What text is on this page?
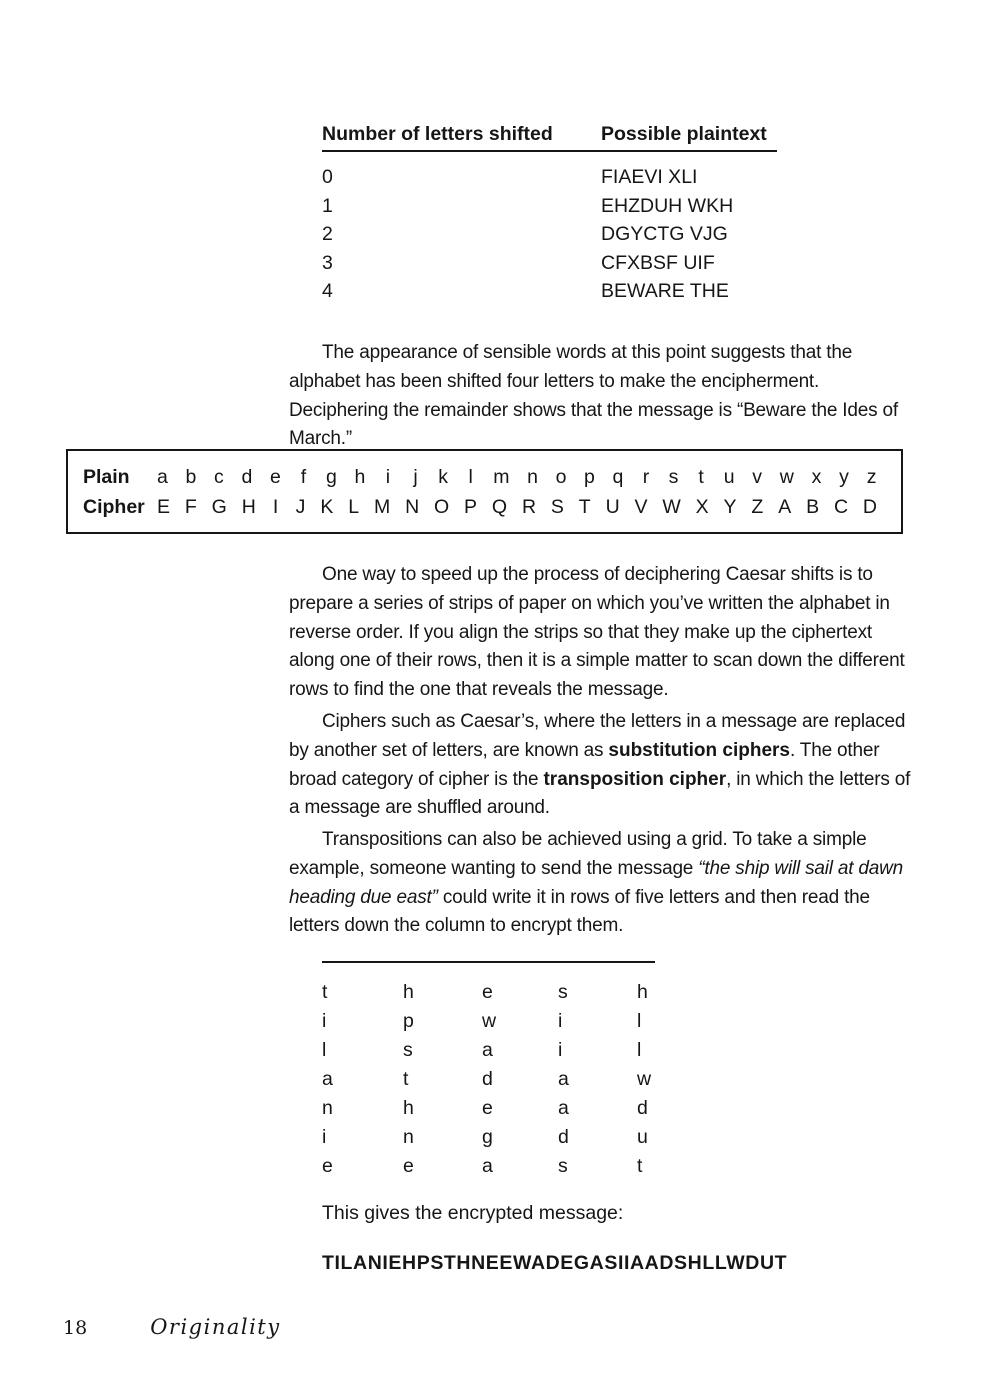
Number of letters shifted	Possible plaintext
0	FIAEVI XLI
1	EHZDUH WKH
2	DGYCTG VJG
3	CFXBSF UIF
4	BEWARE THE

The appearance of sensible words at this point suggests that the alphabet has been shifted four letters to make the encipherment. Deciphering the remainder shows that the message is “Beware the Ides of March.”

Plain	a b c d e f g h i j k l m n o p q r s t u v w x y z
Cipher E F G H I J K L M N O P Q R S T U V W X Y Z A B C D

One way to speed up the process of deciphering Caesar shifts is to prepare a series of strips of paper on which you’ve written the alphabet in reverse order. If you align the strips so that they make up the ciphertext along one of their rows, then it is a simple matter to scan down the different rows to find the one that reveals the message.

Ciphers such as Caesar’s, where the letters in a message are replaced by another set of letters, are known as substitution ciphers. The other broad category of cipher is the transposition cipher, in which the letters of a message are shuffled around.

Transpositions can also be achieved using a grid. To take a simple example, someone wanting to send the message “the ship will sail at dawn heading due east” could write it in rows of five letters and then read the letters down the column to encrypt them.

t	h	e	s	h
i	p	w	i	l
l	s	a	i	l
a	t	d	a	w
n	h	e	a	d
i	n	g	d	u
e	e	a	s	t

This gives the encrypted message:

TILANIEHPSTHNEEWADEGASIIAADSHLLWDUT

18	Originality
